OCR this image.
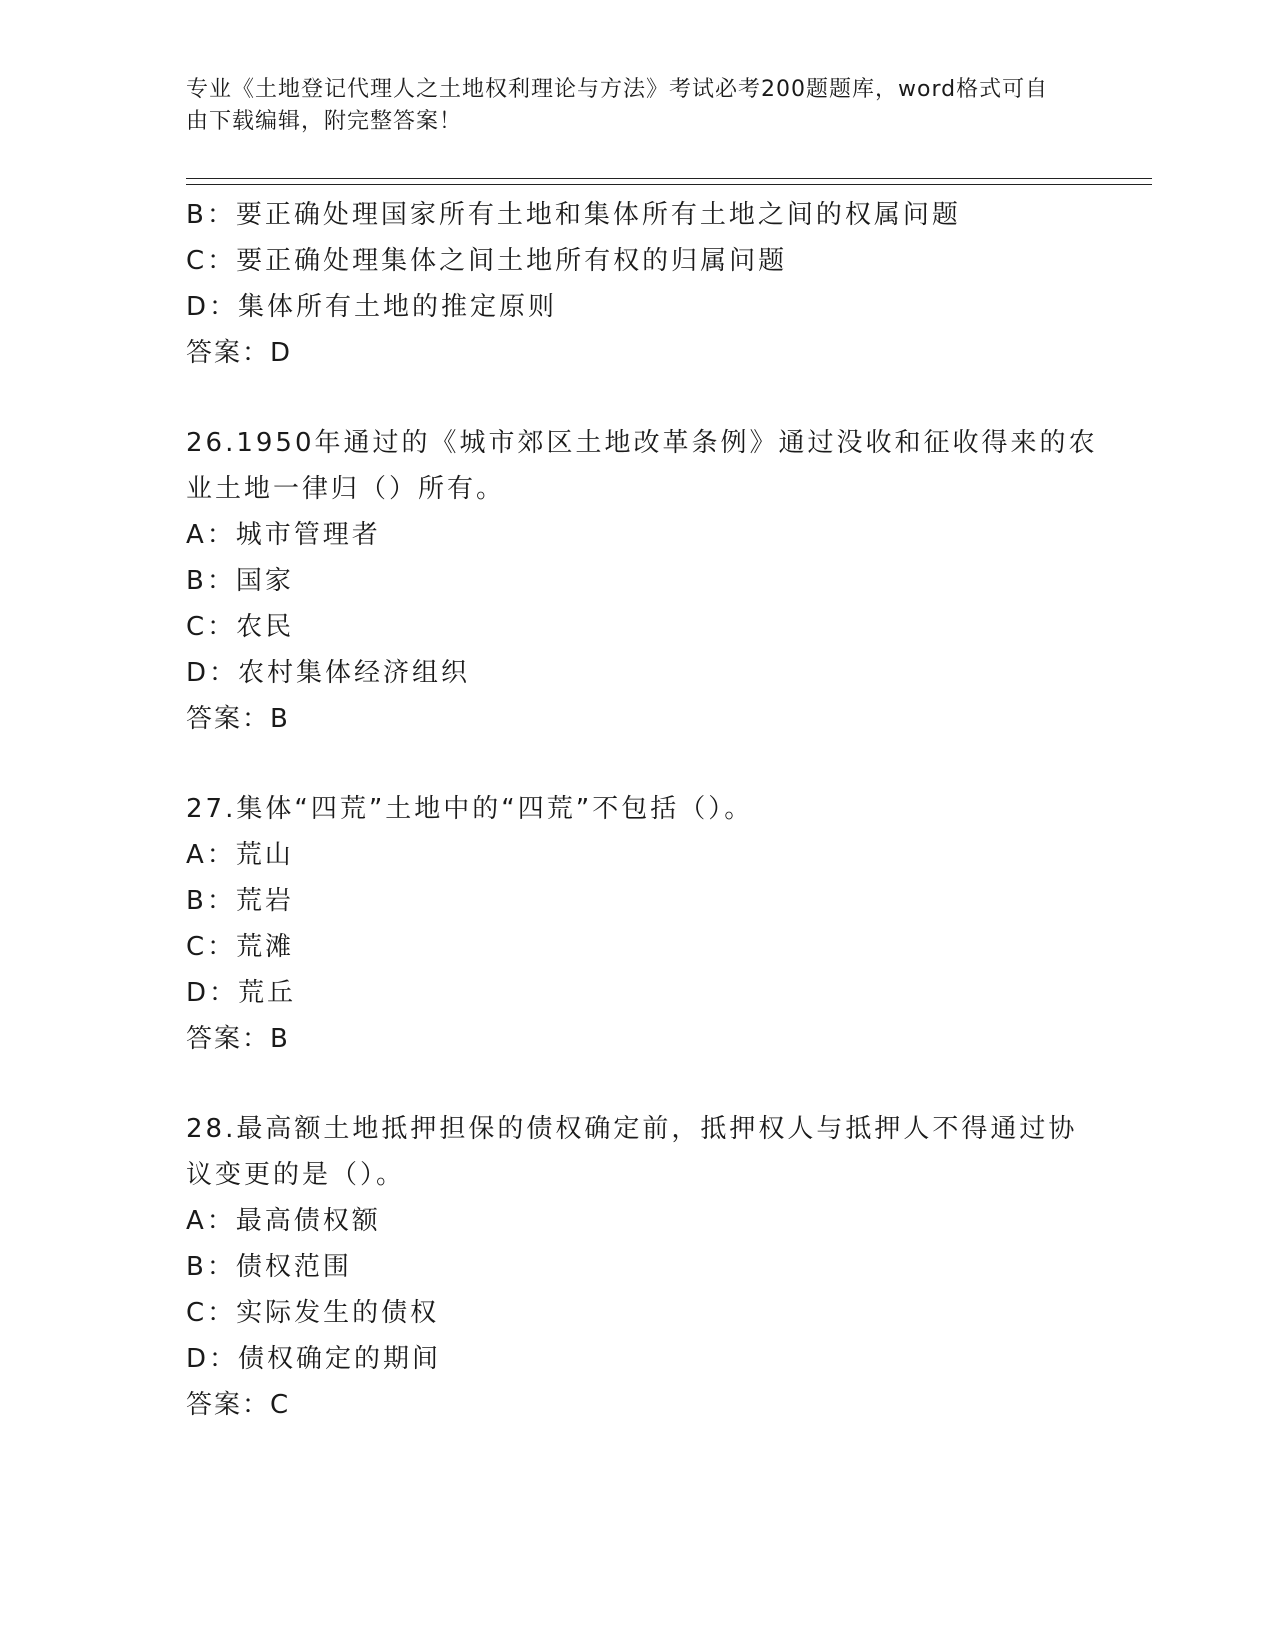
专业《土地登记代理人之土地权利理论与方法》考试必考200题题库，word格式可自由下载编辑，附完整答案！
B：要正确处理国家所有土地和集体所有土地之间的权属问题
C：要正确处理集体之间土地所有权的归属问题
D：集体所有土地的推定原则
答案：D
26.1950年通过的《城市郊区土地改革条例》通过没收和征收得来的农
业土地一律归（）所有。
A：城市管理者
B：国家
C：农民
D：农村集体经济组织
答案：B
27.集体“四荒”土地中的“四荒”不包括（）。
A：荒山
B：荒岩
C：荒滩
D：荒丘
答案：B
28.最高额土地抵押担保的债权确定前，抵押权人与抵押人不得通过协
议变更的是（）。
A：最高债权额
B：债权范围
C：实际发生的债权
D：债权确定的期间
答案：C
